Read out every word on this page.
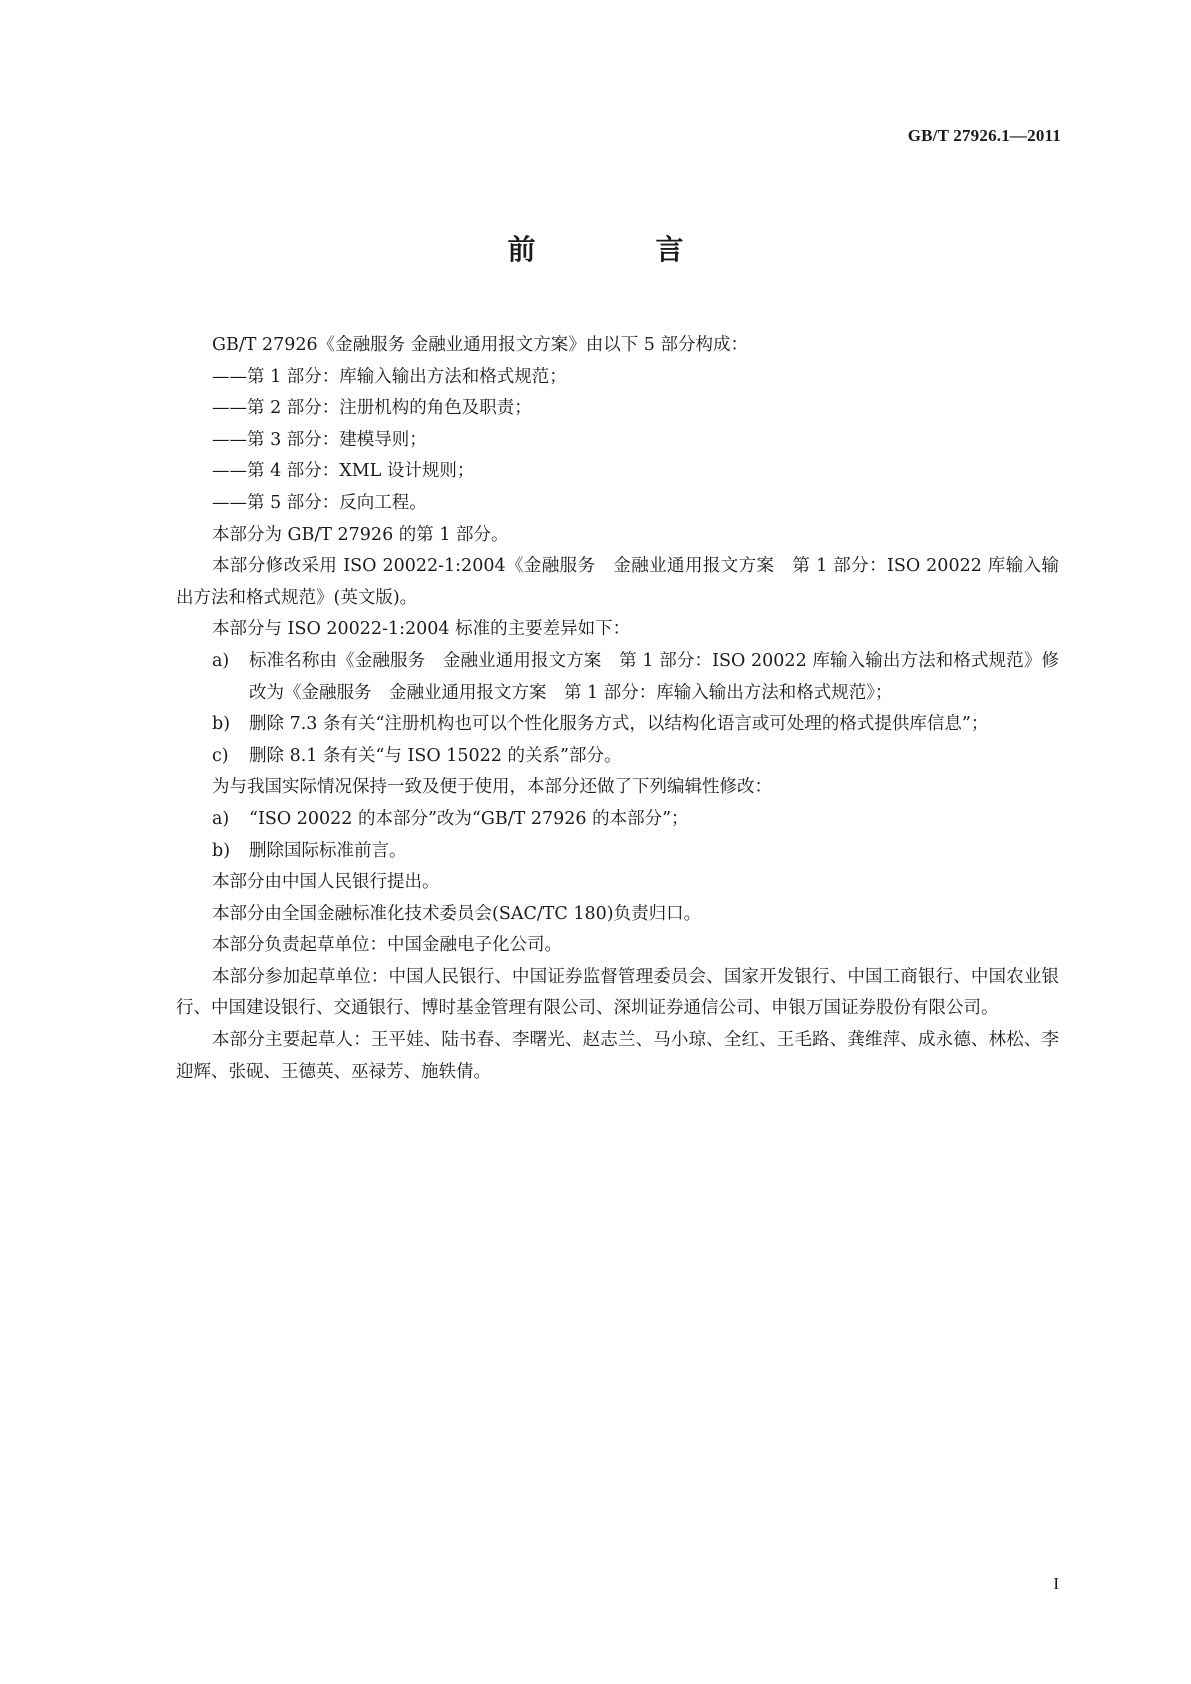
GB/T 27926.1—2011
前　言

GB/T 27926《金融服务 金融业通用报文方案》由以下 5 部分构成：

——第 1 部分：库输入输出方法和格式规范；

——第 2 部分：注册机构的角色及职责；

——第 3 部分：建模导则；

——第 4 部分：XML 设计规则；

——第 5 部分：反向工程。

本部分为 GB/T 27926 的第 1 部分。

本部分修改采用 ISO 20022-1:2004《金融服务　金融业通用报文方案　第 1 部分：ISO 20022 库输入输出方法和格式规范》(英文版)。

本部分与 ISO 20022-1:2004 标准的主要差异如下：

a) 标准名称由《金融服务　金融业通用报文方案　第 1 部分：ISO 20022 库输入输出方法和格式规范》修改为《金融服务　金融业通用报文方案　第 1 部分：库输入输出方法和格式规范》；
b) 删除 7.3 条有关“注册机构也可以个性化服务方式，以结构化语言或可处理的格式提供库信息”；
c) 删除 8.1 条有关“与 ISO 15022 的关系”部分。

为与我国实际情况保持一致及便于使用，本部分还做了下列编辑性修改：

a) “ISO 20022 的本部分”改为“GB/T 27926 的本部分”；
b) 删除国际标准前言。

本部分由中国人民银行提出。

本部分由全国金融标准化技术委员会(SAC/TC 180)负责归口。

本部分负责起草单位：中国金融电子化公司。

本部分参加起草单位：中国人民银行、中国证券监督管理委员会、国家开发银行、中国工商银行、中国农业银行、中国建设银行、交通银行、博时基金管理有限公司、深圳证券通信公司、申银万国证券股份有限公司。

本部分主要起草人：王平娃、陆书春、李曙光、赵志兰、马小琼、全红、王毛路、龚维萍、成永德、林松、李迎辉、张砚、王德英、巫禄芳、施轶倩。

I
